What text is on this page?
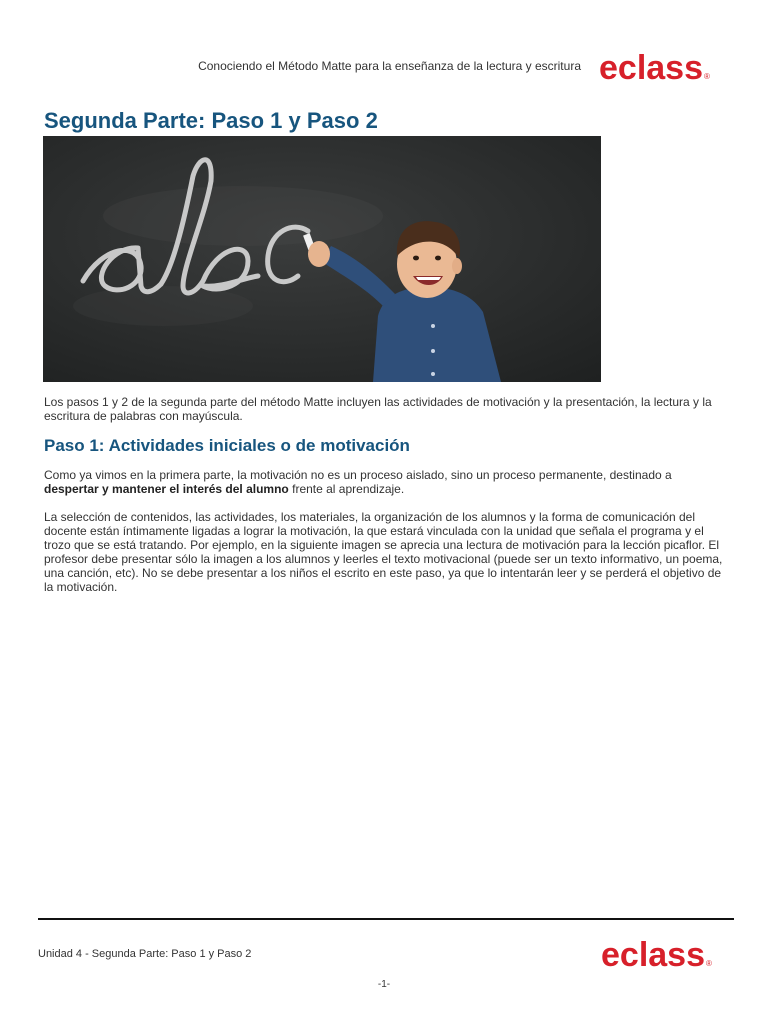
Conociendo el Método Matte para la enseñanza de la lectura y escritura eclass ®
Segunda Parte: Paso 1 y Paso 2

Los pasos 1 y 2 de la segunda parte del método Matte incluyen las actividades de motivación y la presentación, la lectura y la escritura de palabras con mayúscula.

Paso 1: Actividades iniciales o de motivación

Como ya vimos en la primera parte, la motivación no es un proceso aislado, sino un proceso permanente, destinado a
despertar y mantener el interés del alumno frente al aprendizaje.

La selección de contenidos, las actividades, los materiales, la organización de los alumnos y la forma de comunicación del docente están íntimamente ligadas a lograr la motivación, la que estará vinculada con la unidad que señala el programa y el trozo que se está tratando. Por ejemplo, en la siguiente imagen se aprecia una lectura de motivación para la lección picaflor. El profesor debe presentar sólo la imagen a los alumnos y leerles el texto motivacional (puede ser un texto informativo, un poema, una canción, etc). No se debe presentar a los niños el escrito en este paso, ya que lo intentarán leer y se perderá el objetivo de la motivación.

Unidad 4 - Segunda Parte: Paso 1 y Paso 2	eclass ®
-1-
